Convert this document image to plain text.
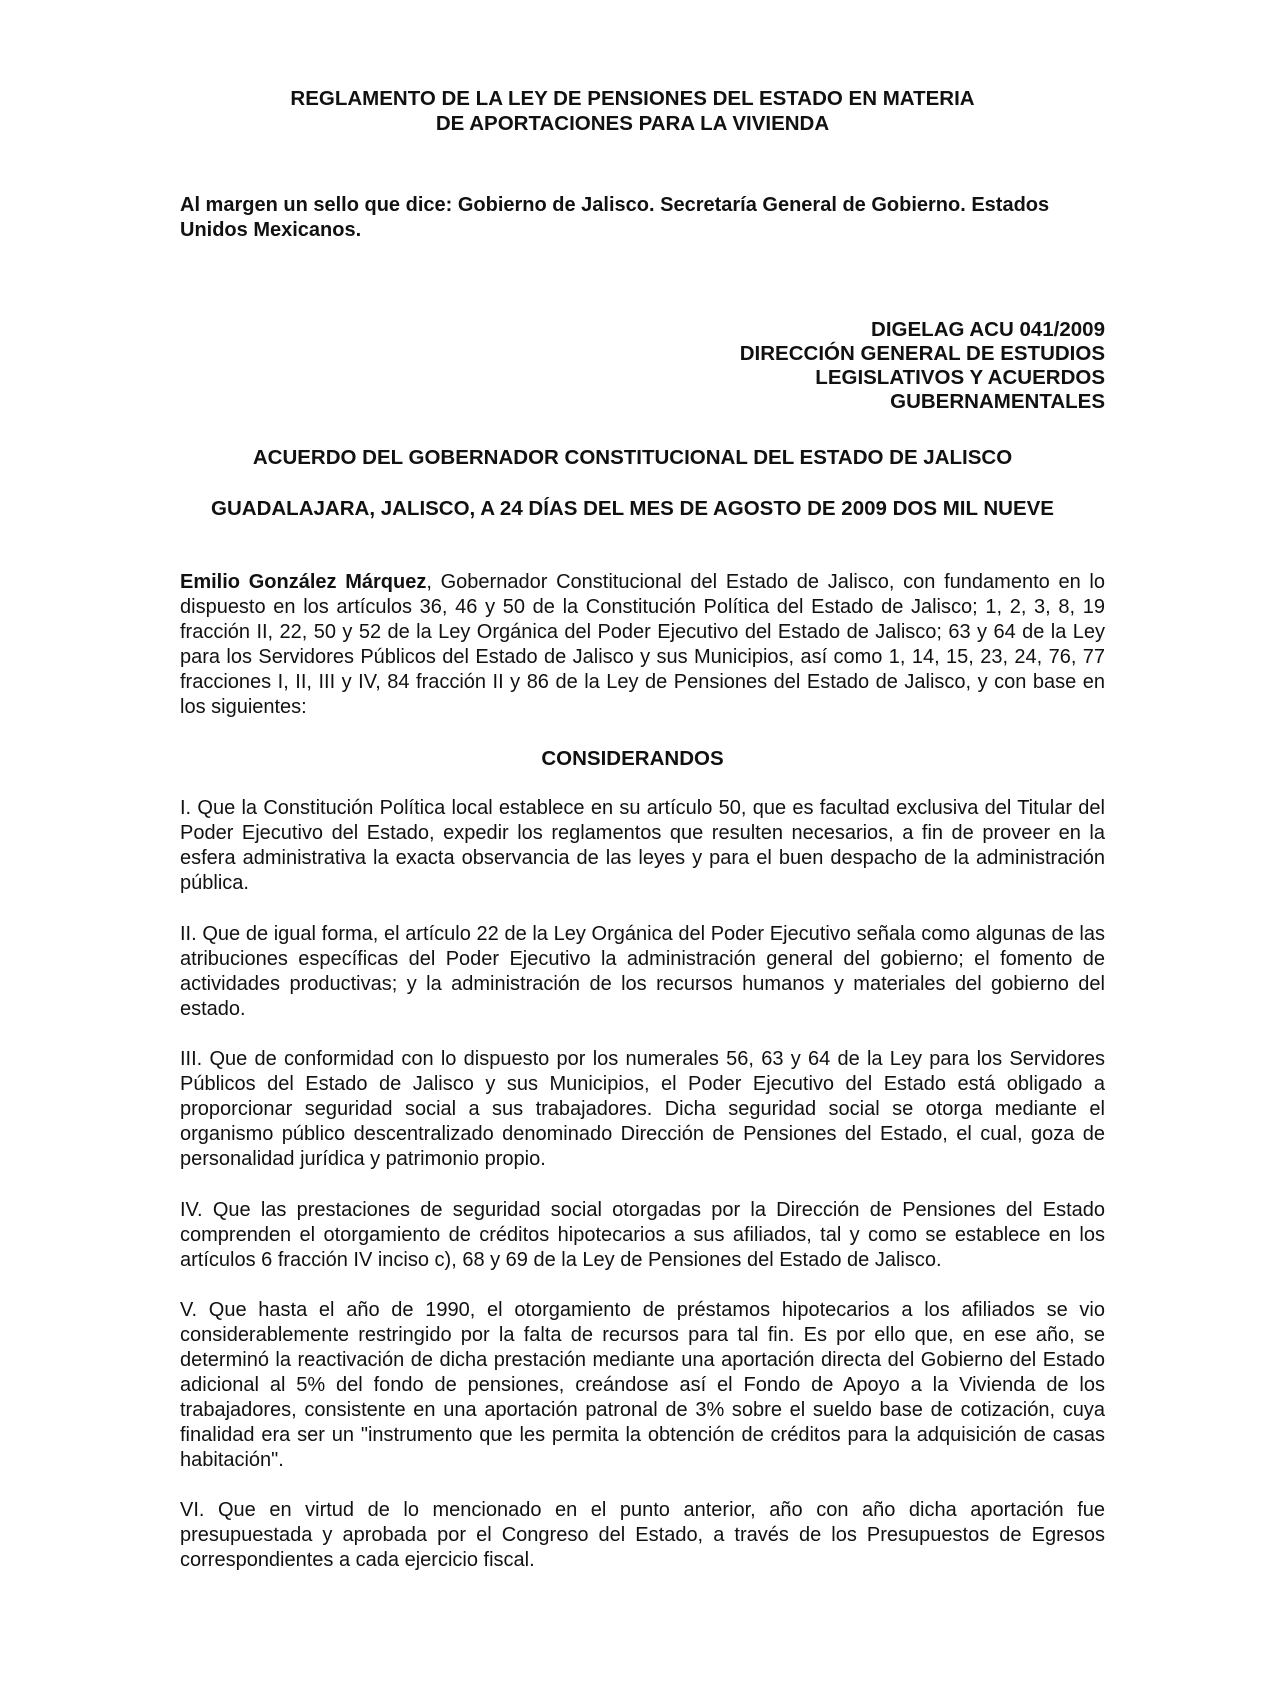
REGLAMENTO DE LA LEY DE PENSIONES DEL ESTADO EN MATERIA
DE APORTACIONES PARA LA VIVIENDA
Al margen un sello que dice: Gobierno de Jalisco. Secretaría General de Gobierno. Estados Unidos Mexicanos.
DIGELAG ACU 041/2009
DIRECCIÓN GENERAL DE ESTUDIOS
LEGISLATIVOS Y ACUERDOS
GUBERNAMENTALES
ACUERDO DEL GOBERNADOR CONSTITUCIONAL DEL ESTADO DE JALISCO
GUADALAJARA, JALISCO, A 24 DÍAS DEL MES DE AGOSTO DE 2009 DOS MIL NUEVE
Emilio González Márquez, Gobernador Constitucional del Estado de Jalisco, con fundamento en lo dispuesto en los artículos 36, 46 y 50 de la Constitución Política del Estado de Jalisco; 1, 2, 3, 8, 19 fracción II, 22, 50 y 52 de la Ley Orgánica del Poder Ejecutivo del Estado de Jalisco; 63 y 64 de la Ley para los Servidores Públicos del Estado de Jalisco y sus Municipios, así como 1, 14, 15, 23, 24, 76, 77 fracciones I, II, III y IV, 84 fracción II y 86 de la Ley de Pensiones del Estado de Jalisco, y con base en los siguientes:
CONSIDERANDOS
I. Que la Constitución Política local establece en su artículo 50, que es facultad exclusiva del Titular del Poder Ejecutivo del Estado, expedir los reglamentos que resulten necesarios, a fin de proveer en la esfera administrativa la exacta observancia de las leyes y para el buen despacho de la administración pública.
II. Que de igual forma, el artículo 22 de la Ley Orgánica del Poder Ejecutivo señala como algunas de las atribuciones específicas del Poder Ejecutivo la administración general del gobierno; el fomento de actividades productivas; y la administración de los recursos humanos y materiales del gobierno del estado.
III. Que de conformidad con lo dispuesto por los numerales 56, 63 y 64 de la Ley para los Servidores Públicos del Estado de Jalisco y sus Municipios, el Poder Ejecutivo del Estado está obligado a proporcionar seguridad social a sus trabajadores. Dicha seguridad social se otorga mediante el organismo público descentralizado denominado Dirección de Pensiones del Estado, el cual, goza de personalidad jurídica y patrimonio propio.
IV. Que las prestaciones de seguridad social otorgadas por la Dirección de Pensiones del Estado comprenden el otorgamiento de créditos hipotecarios a sus afiliados, tal y como se establece en los artículos 6 fracción IV inciso c), 68 y 69 de la Ley de Pensiones del Estado de Jalisco.
V. Que hasta el año de 1990, el otorgamiento de préstamos hipotecarios a los afiliados se vio considerablemente restringido por la falta de recursos para tal fin. Es por ello que, en ese año, se determinó la reactivación de dicha prestación mediante una aportación directa del Gobierno del Estado adicional al 5% del fondo de pensiones, creándose así el Fondo de Apoyo a la Vivienda de los trabajadores, consistente en una aportación patronal de 3% sobre el sueldo base de cotización, cuya finalidad era ser un "instrumento que les permita la obtención de créditos para la adquisición de casas habitación".
VI. Que en virtud de lo mencionado en el punto anterior, año con año dicha aportación fue presupuestada y aprobada por el Congreso del Estado, a través de los Presupuestos de Egresos correspondientes a cada ejercicio fiscal.
